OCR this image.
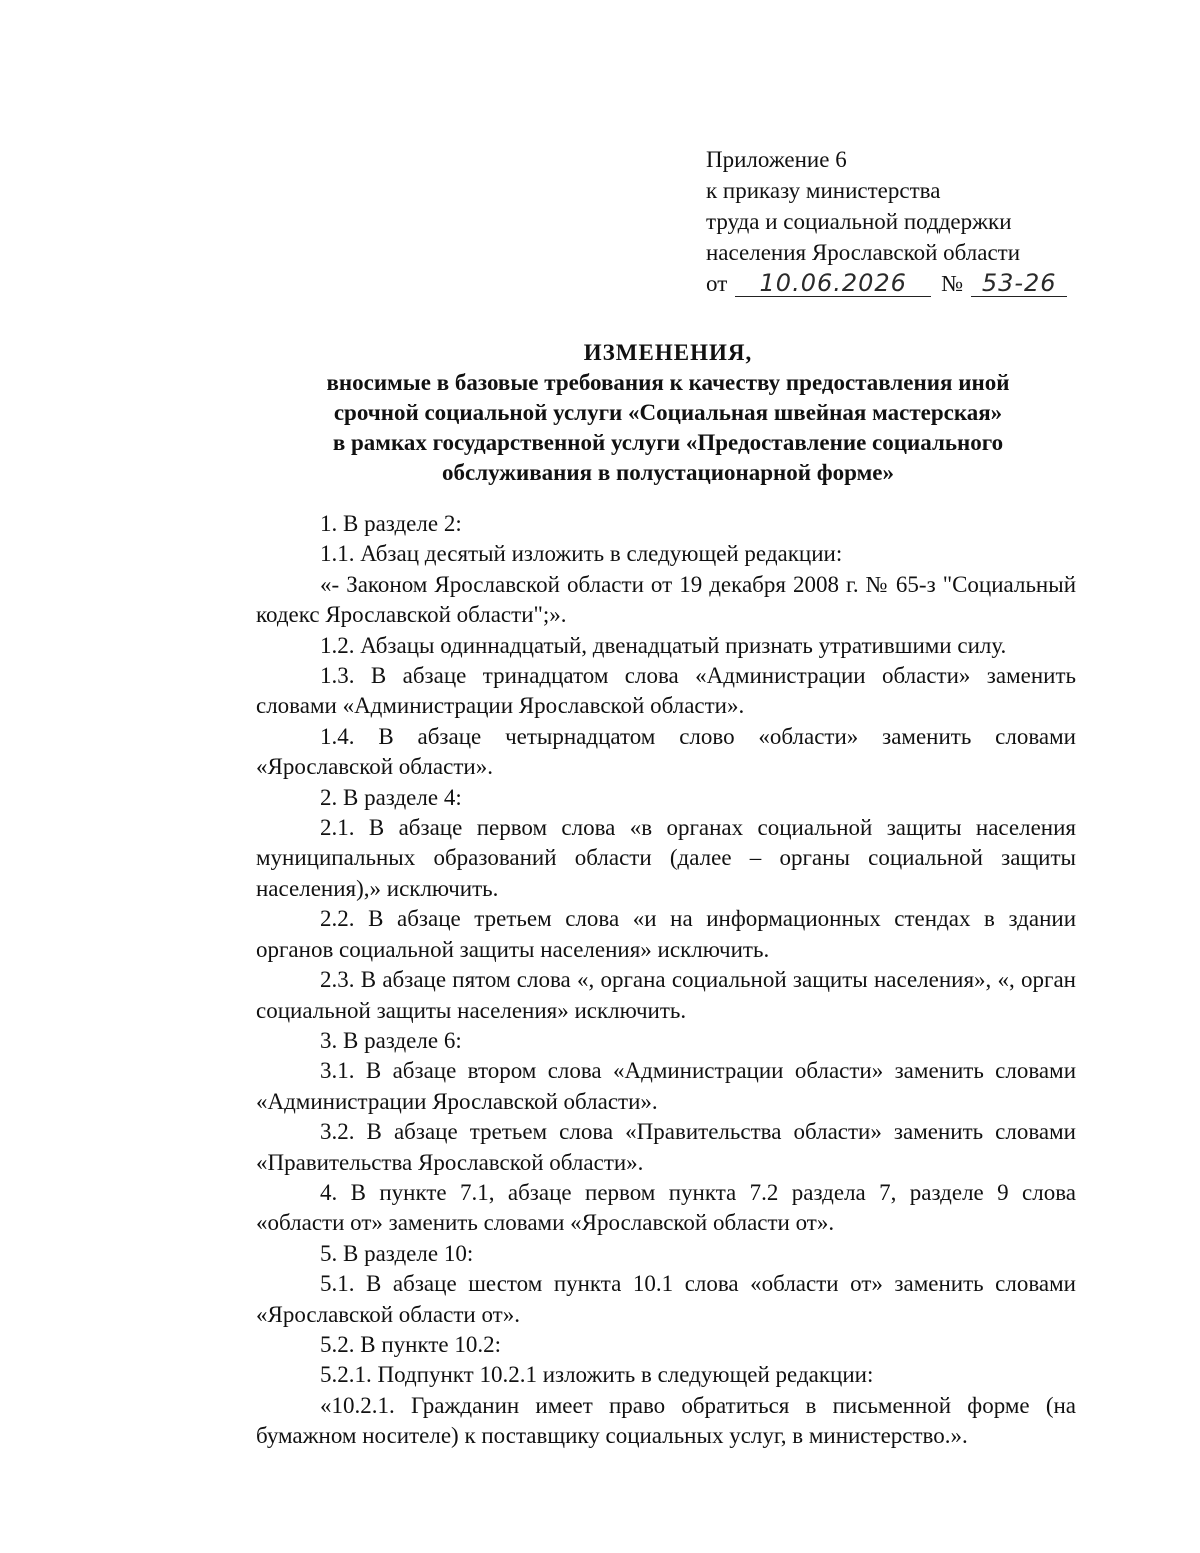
Приложение 6
к приказу министерства
труда и социальной поддержки
населения Ярославской области
от 10.06.2026 № 53-26
ИЗМЕНЕНИЯ,
вносимые в базовые требования к качеству предоставления иной
срочной социальной услуги «Социальная швейная мастерская»
в рамках государственной услуги «Предоставление социального
обслуживания в полустационарной форме»

1. В разделе 2:

1.1. Абзац десятый изложить в следующей редакции:

«- Законом Ярославской области от 19 декабря 2008 г. № 65-з "Социальный кодекс Ярославской области";».

1.2. Абзацы одиннадцатый, двенадцатый признать утратившими силу.

1.3. В абзаце тринадцатом слова «Администрации области» заменить словами «Администрации Ярославской области».

1.4. В абзаце четырнадцатом слово «области» заменить словами «Ярославской области».

2. В разделе 4:

2.1. В абзаце первом слова «в органах социальной защиты населения муниципальных образований области (далее – органы социальной защиты населения),» исключить.

2.2. В абзаце третьем слова «и на информационных стендах в здании органов социальной защиты населения» исключить.

2.3. В абзаце пятом слова «, органа социальной защиты населения», «, орган социальной защиты населения» исключить.

3. В разделе 6:

3.1. В абзаце втором слова «Администрации области» заменить словами «Администрации Ярославской области».

3.2. В абзаце третьем слова «Правительства области» заменить словами «Правительства Ярославской области».

4. В пункте 7.1, абзаце первом пункта 7.2 раздела 7, разделе 9 слова «области от» заменить словами «Ярославской области от».

5. В разделе 10:

5.1. В абзаце шестом пункта 10.1 слова «области от» заменить словами «Ярославской области от».

5.2. В пункте 10.2:

5.2.1. Подпункт 10.2.1 изложить в следующей редакции:

«10.2.1. Гражданин имеет право обратиться в письменной форме (на бумажном носителе) к поставщику социальных услуг, в министерство.».
